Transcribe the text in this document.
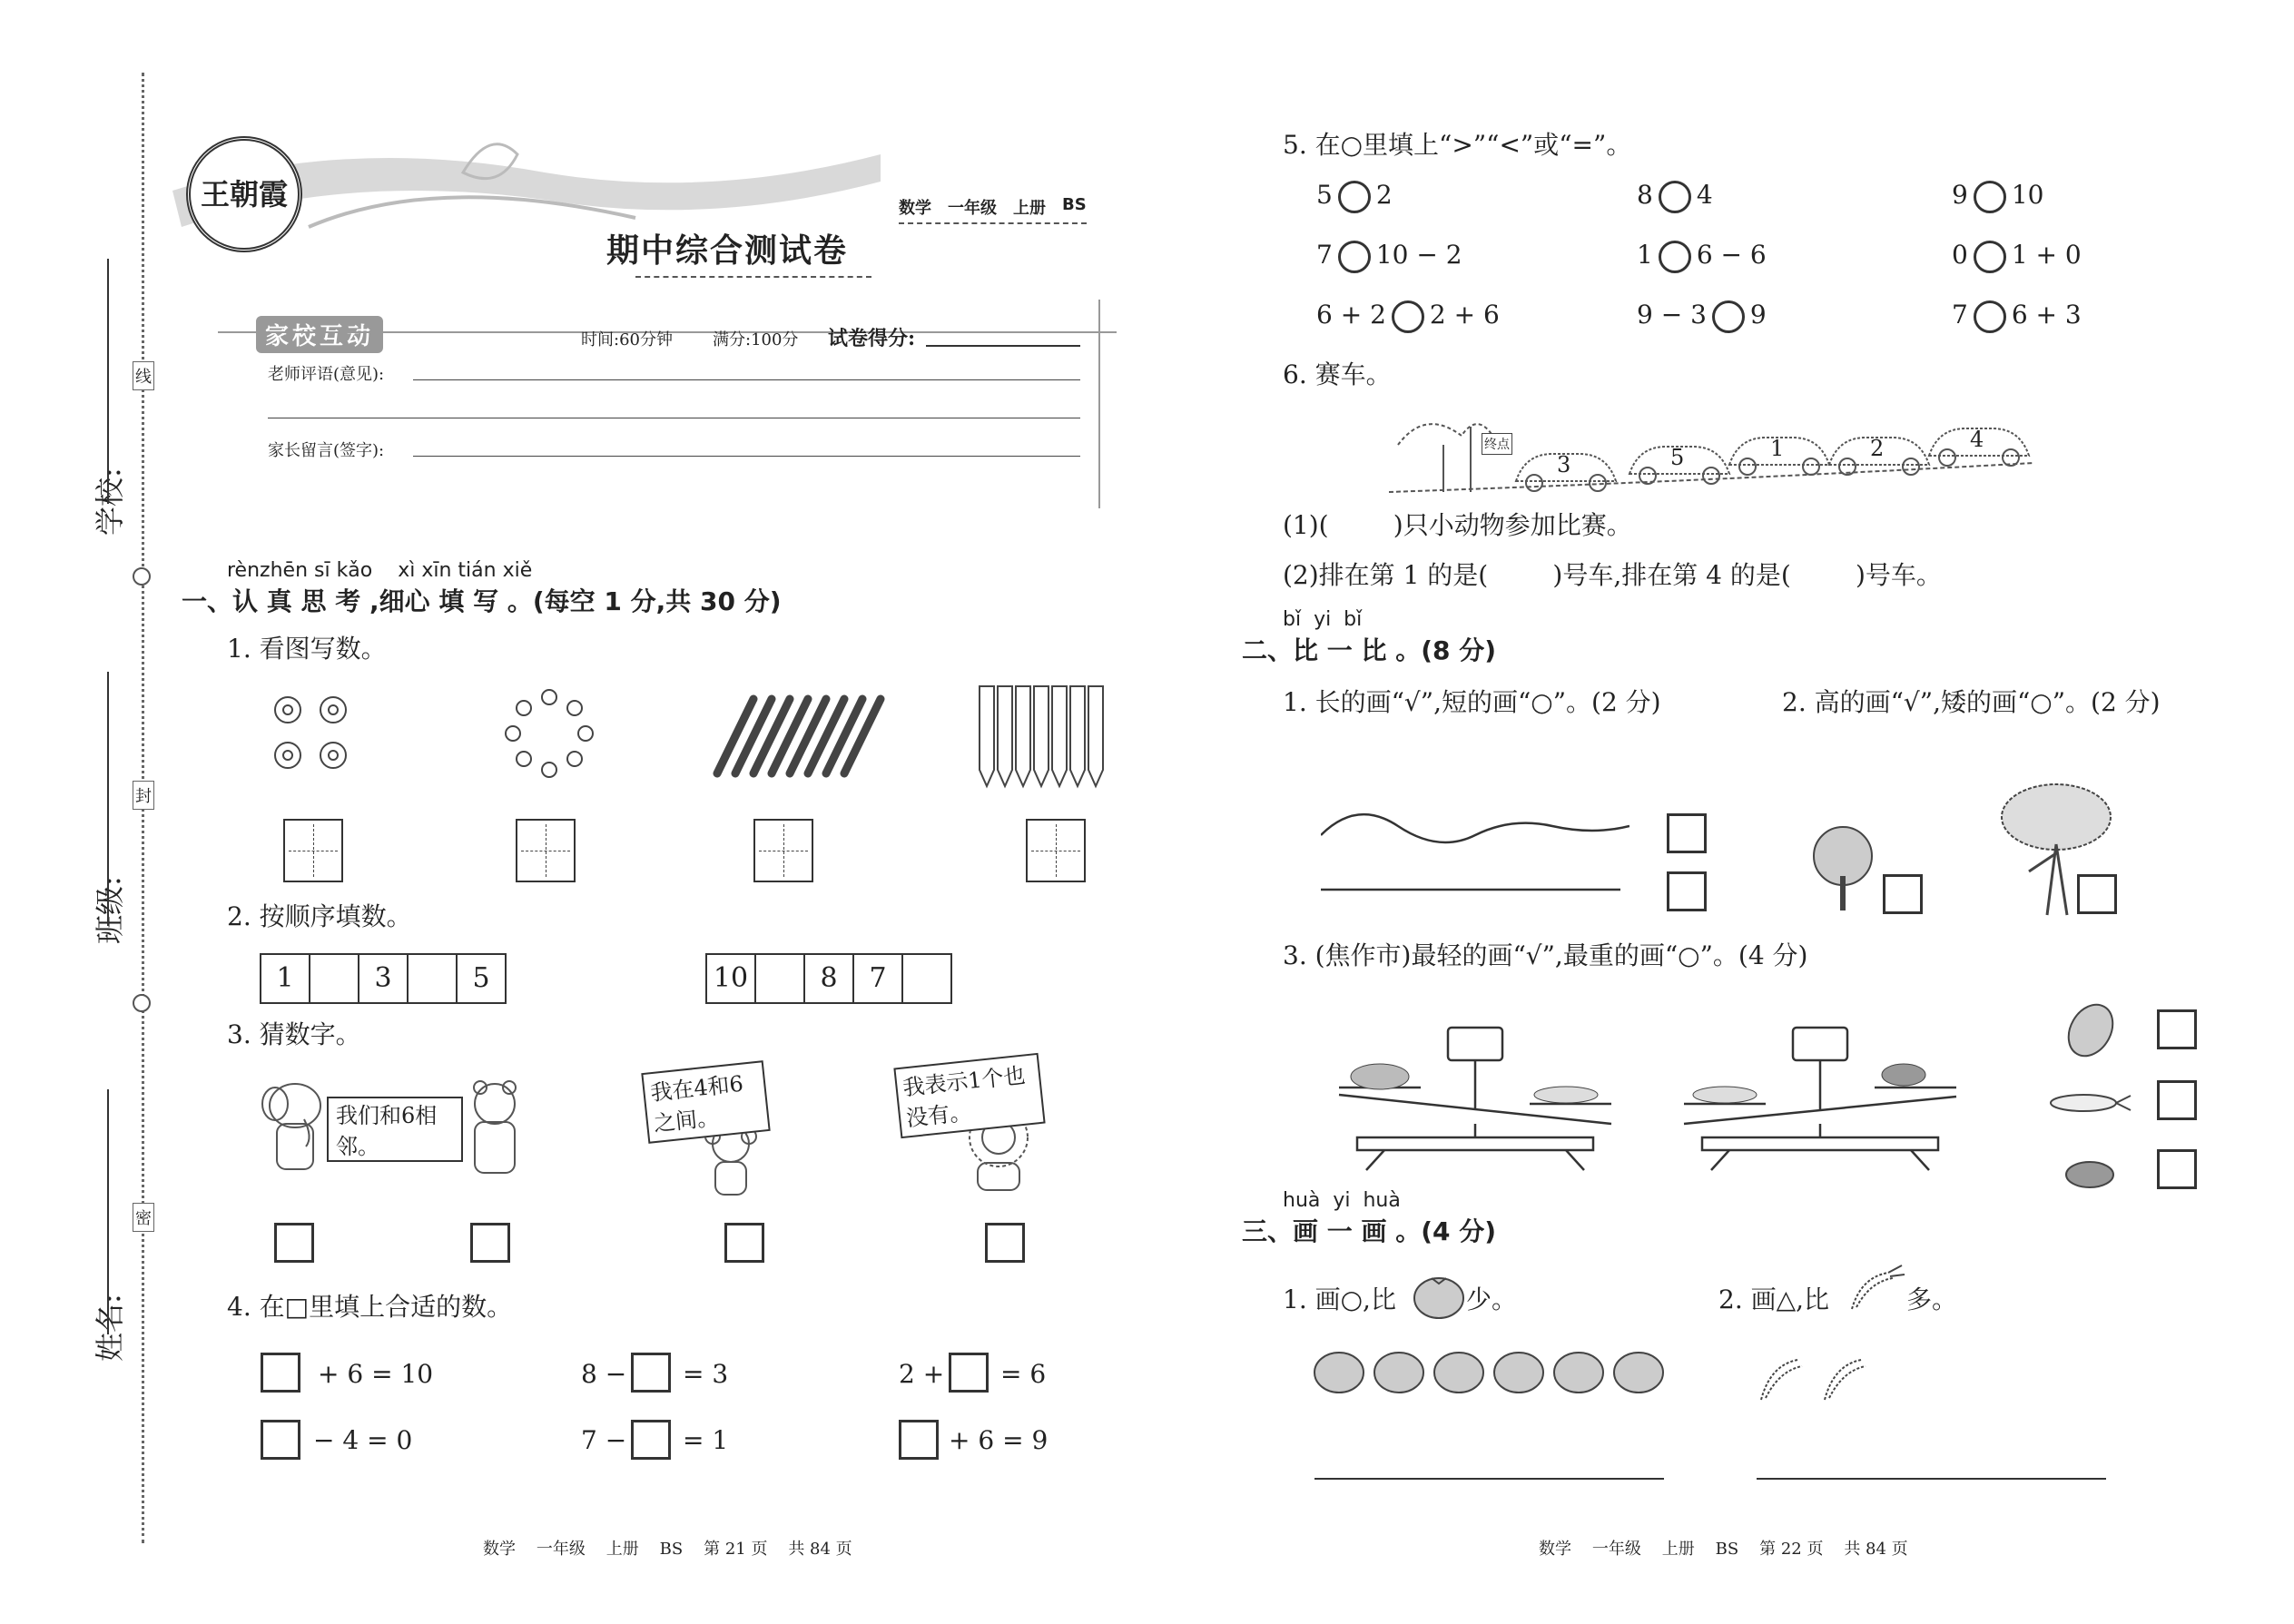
学校:
班级:
姓名:
线
封
密
王朝霞	数学 一年级 上册 BS
期中综合测试卷
家校互动	时间:60分钟 满分:100分 试卷得分:
老师评语(意见):
家长留言(签字):
rènzhēn sī kǎo    xì xīn tián xiě
一、认 真 思 考 ,细心 填 写 。(每空 1 分,共 30 分)
1. 看图写数。
2. 按顺序填数。
1	3	5	10	8	7
3. 猜数字。
我们和6相邻。
我在4和6之间。
我表示1个也没有。
4. 在□里填上合适的数。
+ 6 = 10	8 − = 3	2 + = 6
− 4 = 0	7 − = 1	+ 6 = 9
数学    一年级    上册    BS    第 21 页    共 84 页
5. 在○里填上“>”“<”或“=”。
5 2	8 4	9 10
7 10 − 2	1 6 − 6	0 1 + 0
6 + 2 2 + 6	9 − 3 9	7 6 + 3
6. 赛车。
终点
3	5	1	2	4
(1)(        )只小动物参加比赛。
(2)排在第 1 的是(        )号车,排在第 4 的是(        )号车。
bǐ  yi  bǐ
二、比 一 比 。(8 分)
1. 长的画“√”,短的画“○”。(2 分)	2. 高的画“√”,矮的画“○”。(2 分)
3. (焦作市)最轻的画“√”,最重的画“○”。(4 分)
huà  yi  huà
三、画 一 画 。(4 分)
1. 画○,比	少。	2. 画△,比	多。
数学    一年级    上册    BS    第 22 页    共 84 页
